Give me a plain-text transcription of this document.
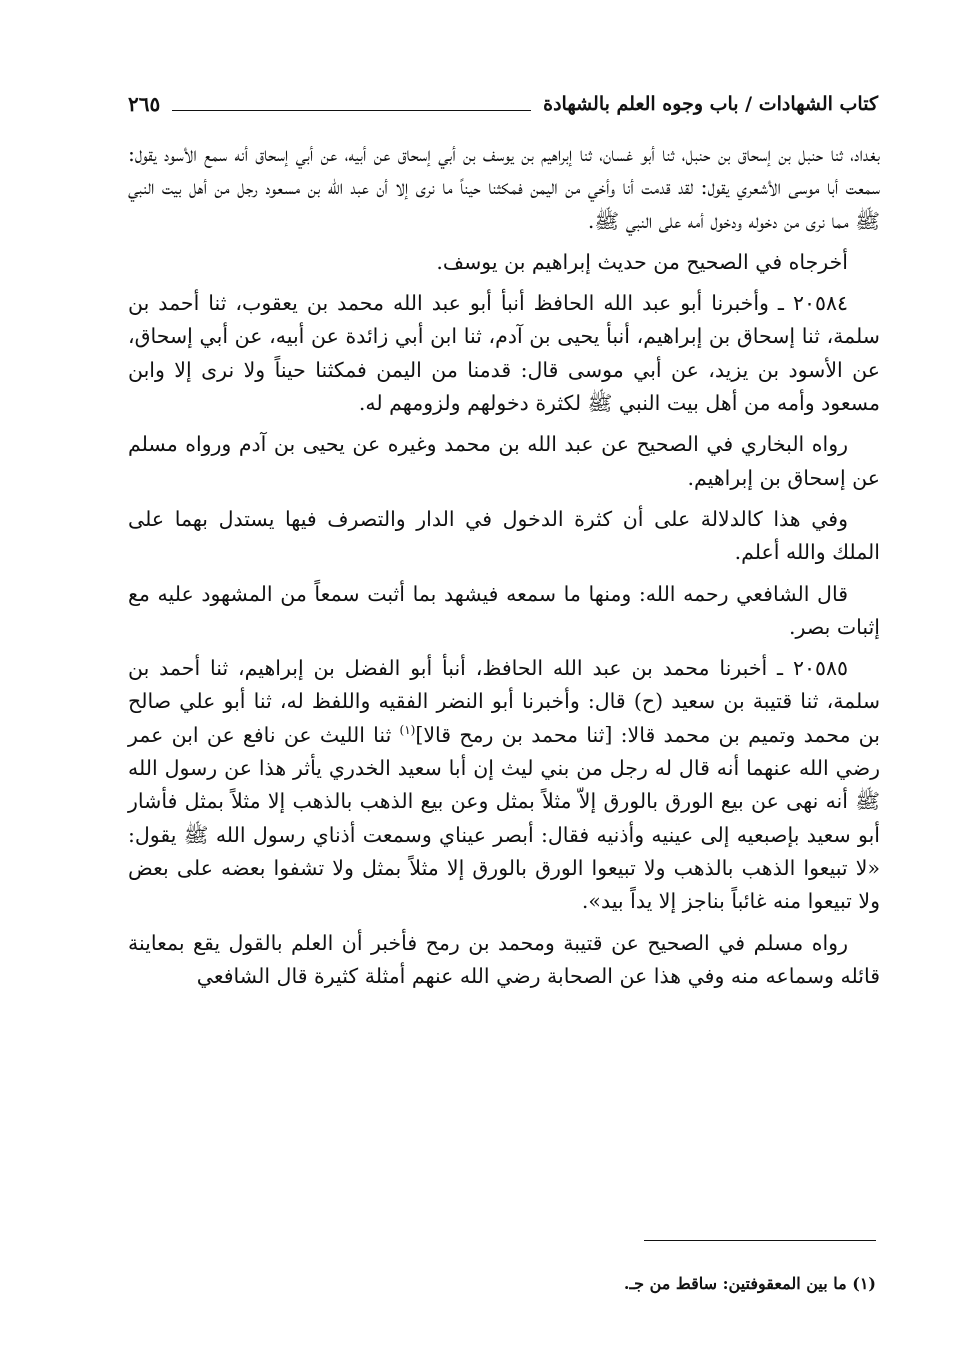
كتاب الشهادات / باب وجوه العلم بالشهادة
٢٦٥

بغداد، ثنا حنبل بن إسحاق بن حنبل، ثنا أبو غسان، ثنا إبراهيم بن يوسف بن أبي إسحاق عن أبيه، عن أبي إسحاق أنه سمع الأسود يقول: سمعت أبا موسى الأشعري يقول: لقد قدمت أنا وأخي من اليمن فمكثنا حيناً ما نرى إلا أن عبد الله بن مسعود رجل من أهل بيت النبي ﷺ مما نرى من دخوله ودخول أمه على النبي ﷺ.

أخرجاه في الصحيح من حديث إبراهيم بن يوسف.

٢٠٥٨٤ ـ وأخبرنا أبو عبد الله الحافظ أنبأ أبو عبد الله محمد بن يعقوب، ثنا أحمد بن سلمة، ثنا إسحاق بن إبراهيم، أنبأ يحيى بن آدم، ثنا ابن أبي زائدة عن أبيه، عن أبي إسحاق، عن الأسود بن يزيد، عن أبي موسى قال: قدمنا من اليمن فمكثنا حيناً ولا نرى إلا وابن مسعود وأمه من أهل بيت النبي ﷺ لكثرة دخولهم ولزومهم له.

رواه البخاري في الصحيح عن عبد الله بن محمد وغيره عن يحيى بن آدم ورواه مسلم عن إسحاق بن إبراهيم.

وفي هذا كالدلالة على أن كثرة الدخول في الدار والتصرف فيها يستدل بهما على الملك والله أعلم.

قال الشافعي رحمه الله: ومنها ما سمعه فيشهد بما أثبت سمعاً من المشهود عليه مع إثبات بصر.

٢٠٥٨٥ ـ أخبرنا محمد بن عبد الله الحافظ، أنبأ أبو الفضل بن إبراهيم، ثنا أحمد بن سلمة، ثنا قتيبة بن سعيد (ح) قال: وأخبرنا أبو النضر الفقيه واللفظ له، ثنا أبو علي صالح بن محمد وتميم بن محمد قالا: [ثنا محمد بن رمح قالا]$^{(١)}$ ثنا الليث عن نافع عن ابن عمر رضي الله عنهما أنه قال له رجل من بني ليث إن أبا سعيد الخدري يأثر هذا عن رسول الله ﷺ أنه نهى عن بيع الورق بالورق إلاّ مثلاً بمثل وعن بيع الذهب بالذهب إلا مثلاً بمثل فأشار أبو سعيد بإصبعيه إلى عينيه وأذنيه فقال: أبصر عيناي وسمعت أذناي رسول الله ﷺ يقول: «لا تبيعوا الذهب بالذهب ولا تبيعوا الورق بالورق إلا مثلاً بمثل ولا تشفوا بعضه على بعض ولا تبيعوا منه غائباً بناجز إلا يداً بيد».

رواه مسلم في الصحيح عن قتيبة ومحمد بن رمح فأخبر أن العلم بالقول يقع بمعاينة قائله وسماعه منه وفي هذا عن الصحابة رضي الله عنهم أمثلة كثيرة قال الشافعي

(١) ما بين المعقوفتين: ساقط من جـ.
